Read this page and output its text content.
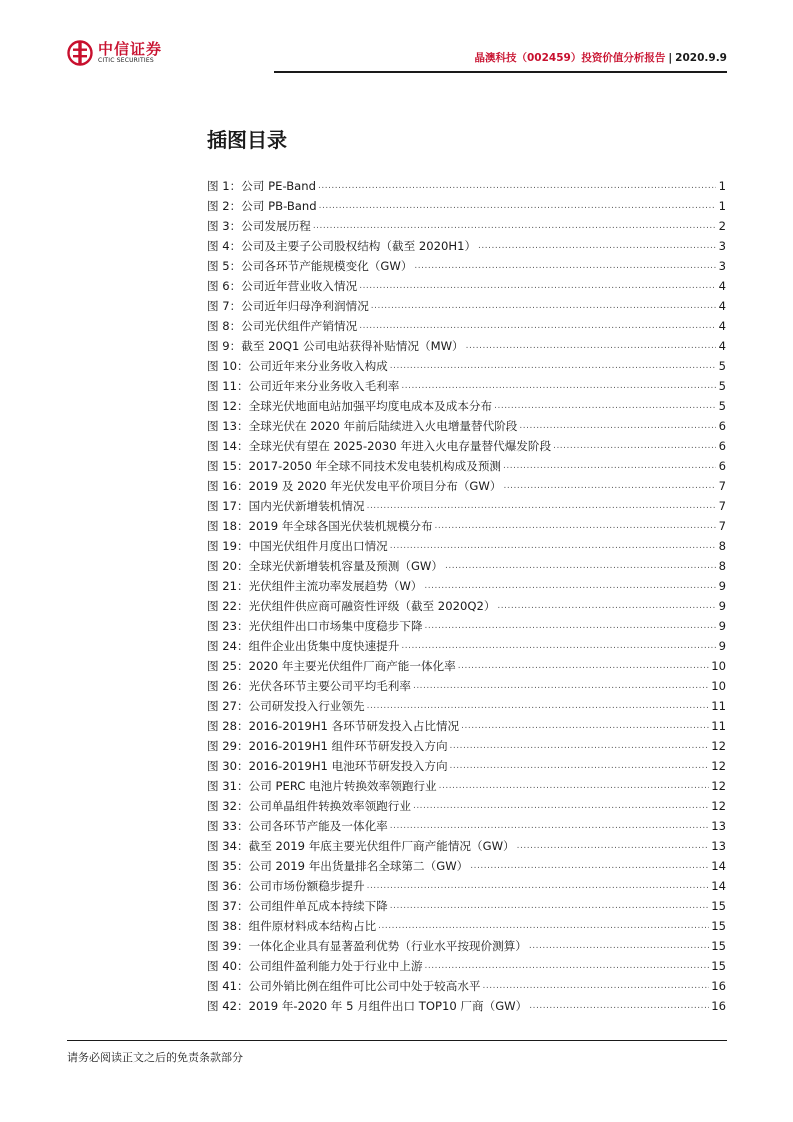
中信证券
CITIC SECURITIES	晶澳科技（002459）投资价值分析报告 | 2020.9.9
插图目录
图 1：公司 PE-Band .....	1
图 2：公司 PB-Band .....	1
图 3：公司发展历程 .....	2
图 4：公司及主要子公司股权结构（截至 2020H1） .....	3
图 5：公司各环节产能规模变化（GW） .....	3
图 6：公司近年营业收入情况 .....	4
图 7：公司近年归母净利润情况 .....	4
图 8：公司光伏组件产销情况 .....	4
图 9：截至 20Q1 公司电站获得补贴情况（MW） .....	4
图 10：公司近年来分业务收入构成 .....	5
图 11：公司近年来分业务收入毛利率 .....	5
图 12：全球光伏地面电站加强平均度电成本及成本分布 .....	5
图 13：全球光伏在 2020 年前后陆续进入火电增量替代阶段 .....	6
图 14：全球光伏有望在 2025-2030 年进入火电存量替代爆发阶段 .....	6
图 15：2017-2050 年全球不同技术发电装机构成及预测 .....	6
图 16：2019 及 2020 年光伏发电平价项目分布（GW） .....	7
图 17：国内光伏新增装机情况 .....	7
图 18：2019 年全球各国光伏装机规模分布 .....	7
图 19：中国光伏组件月度出口情况 .....	8
图 20：全球光伏新增装机容量及预测（GW） .....	8
图 21：光伏组件主流功率发展趋势（W） .....	9
图 22：光伏组件供应商可融资性评级（截至 2020Q2） .....	9
图 23：光伏组件出口市场集中度稳步下降 .....	9
图 24：组件企业出货集中度快速提升 .....	9
图 25：2020 年主要光伏组件厂商产能一体化率 .....	10
图 26：光伏各环节主要公司平均毛利率 .....	10
图 27：公司研发投入行业领先 .....	11
图 28：2016-2019H1 各环节研发投入占比情况 .....	11
图 29：2016-2019H1 组件环节研发投入方向 .....	12
图 30：2016-2019H1 电池环节研发投入方向 .....	12
图 31：公司 PERC 电池片转换效率领跑行业 .....	12
图 32：公司单晶组件转换效率领跑行业 .....	12
图 33：公司各环节产能及一体化率 .....	13
图 34：截至 2019 年底主要光伏组件厂商产能情况（GW） .....	13
图 35：公司 2019 年出货量排名全球第二（GW） .....	14
图 36：公司市场份额稳步提升 .....	14
图 37：公司组件单瓦成本持续下降 .....	15
图 38：组件原材料成本结构占比 .....	15
图 39：一体化企业具有显著盈利优势（行业水平按现价测算） .....	15
图 40：公司组件盈利能力处于行业中上游 .....	15
图 41：公司外销比例在组件可比公司中处于较高水平 .....	16
图 42：2019 年-2020 年 5 月组件出口 TOP10 厂商（GW） .....	16
请务必阅读正文之后的免责条款部分
